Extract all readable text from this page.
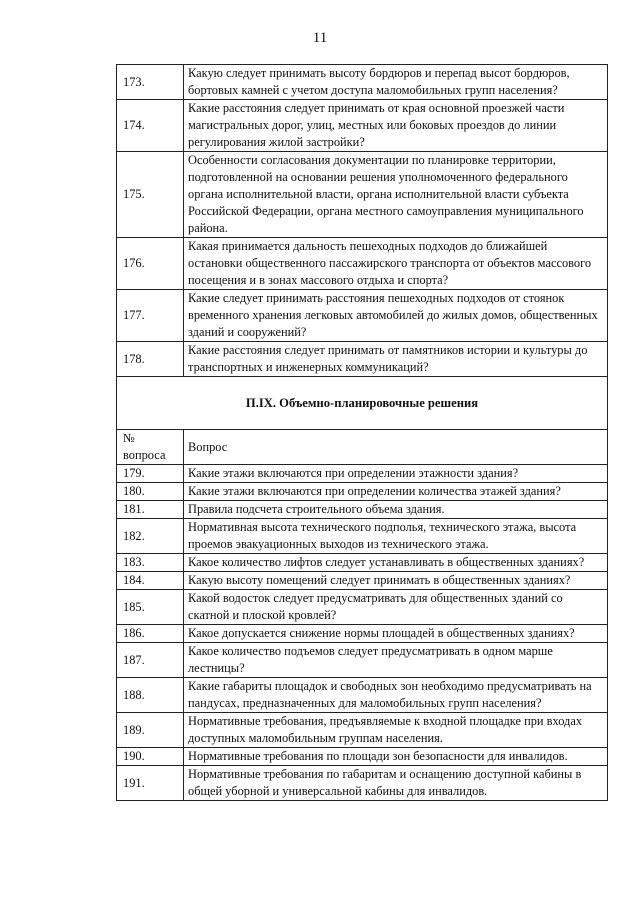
11
173.	Какую следует принимать высоту бордюров и перепад высот бордюров, бортовых камней с учетом доступа маломобильных групп населения?
174.	Какие расстояния следует принимать от края основной проезжей части магистральных дорог, улиц, местных или боковых проездов до линии регулирования жилой застройки?
175.	Особенности согласования документации по планировке территории, подготовленной на основании решения уполномоченного федерального органа исполнительной власти, органа исполнительной власти субъекта Российской Федерации, органа местного самоуправления муниципального района.
176.	Какая принимается дальность пешеходных подходов до ближайшей остановки общественного пассажирского транспорта от объектов массового посещения и в зонах массового отдыха и спорта?
177.	Какие следует принимать расстояния пешеходных подходов от стоянок временного хранения легковых автомобилей до жилых домов, общественных зданий и сооружений?
178.	Какие расстояния следует принимать от памятников истории и культуры до транспортных и инженерных коммуникаций?
П.IX. Объемно-планировочные решения	
№ вопроса	Вопрос
179.	Какие этажи включаются при определении этажности здания?
180.	Какие этажи включаются при определении количества этажей здания?
181.	Правила подсчета строительного объема здания.
182.	Нормативная высота технического подполья, технического этажа, высота проемов эвакуационных выходов из технического этажа.
183.	Какое количество лифтов следует устанавливать в общественных зданиях?
184.	Какую высоту помещений следует принимать в общественных зданиях?
185.	Какой водосток следует предусматривать для общественных зданий со скатной и плоской кровлей?
186.	Какое допускается снижение нормы площадей в общественных зданиях?
187.	Какое количество подъемов следует предусматривать в одном марше лестницы?
188.	Какие габариты площадок и свободных зон необходимо предусматривать на пандусах, предназначенных для маломобильных групп населения?
189.	Нормативные требования, предъявляемые к входной площадке при входах доступных маломобильным группам населения.
190.	Нормативные требования по площади зон безопасности для инвалидов.
191.	Нормативные требования по габаритам и оснащению доступной кабины в общей уборной и универсальной кабины для инвалидов.
